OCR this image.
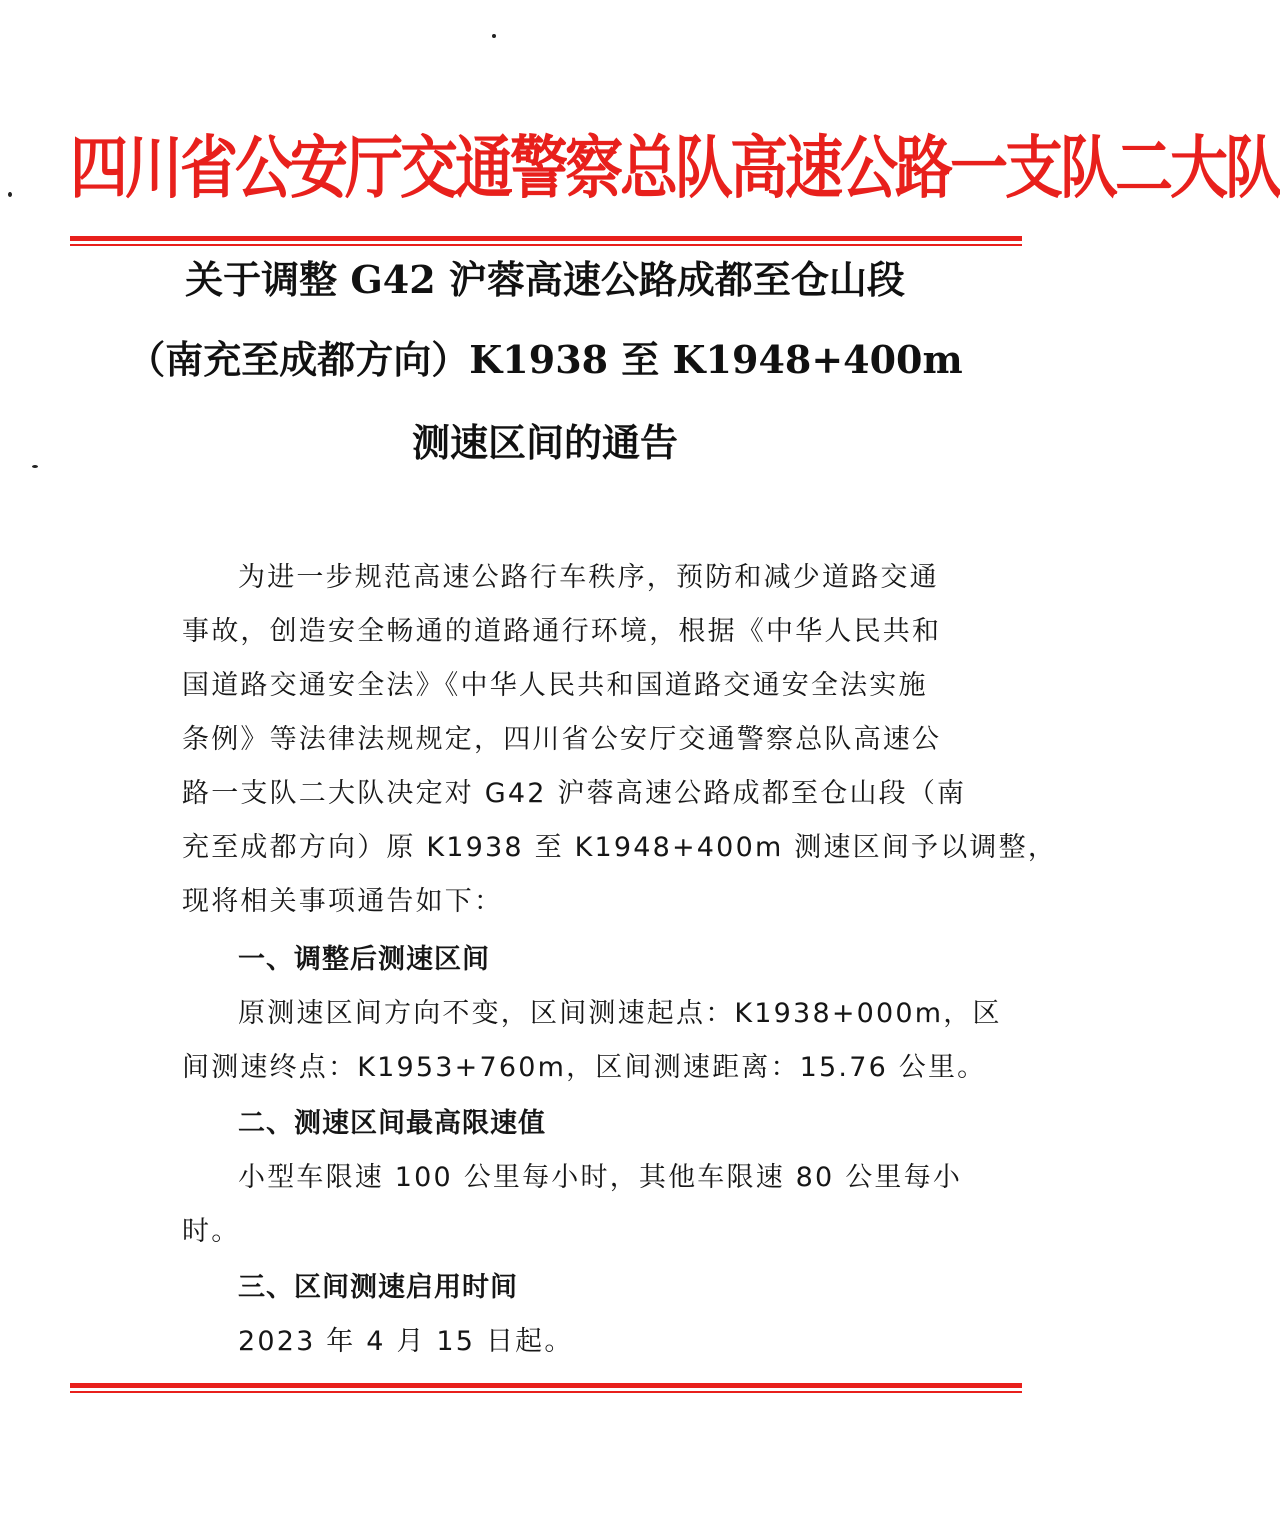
四川省公安厅交通警察总队高速公路一支队二大队
关于调整 G42 沪蓉高速公路成都至仓山段
（南充至成都方向）K1938 至 K1948+400m
测速区间的通告
为进一步规范高速公路行车秩序，预防和减少道路交通
事故，创造安全畅通的道路通行环境，根据《中华人民共和
国道路交通安全法》《中华人民共和国道路交通安全法实施
条例》等法律法规规定，四川省公安厅交通警察总队高速公
路一支队二大队决定对 G42 沪蓉高速公路成都至仓山段（南
充至成都方向）原 K1938 至 K1948+400m 测速区间予以调整，
现将相关事项通告如下：
一、调整后测速区间
原测速区间方向不变，区间测速起点：K1938+000m，区
间测速终点：K1953+760m，区间测速距离：15.76 公里。
二、测速区间最高限速值
小型车限速 100 公里每小时，其他车限速 80 公里每小
时。
三、区间测速启用时间
2023 年 4 月 15 日起。
